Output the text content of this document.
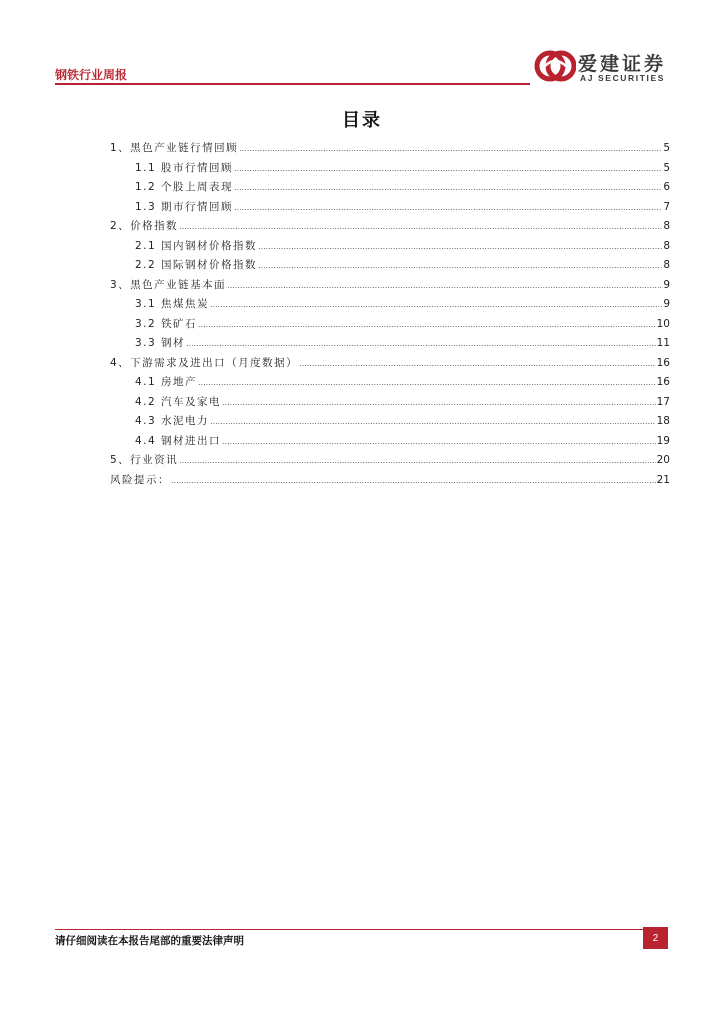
钢铁行业周报	爱建证券
AJ SECURITIES
目录
1、黑色产业链行情回顾 .....	5
1.1 股市行情回顾 .....	5
1.2 个股上周表现 .....	6
1.3 期市行情回顾 .....	7
2、价格指数 .....	8
2.1 国内钢材价格指数 .....	8
2.2 国际钢材价格指数 .....	8
3、黑色产业链基本面 .....	9
3.1 焦煤焦炭 .....	9
3.2 铁矿石 .....	10
3.3 钢材 .....	11
4、下游需求及进出口（月度数据） .....	16
4.1 房地产 .....	16
4.2 汽车及家电 .....	17
4.3 水泥电力 .....	18
4.4 钢材进出口 .....	19
5、行业资讯 .....	20
风险提示： .....	21
请仔细阅读在本报告尾部的重要法律声明	2
